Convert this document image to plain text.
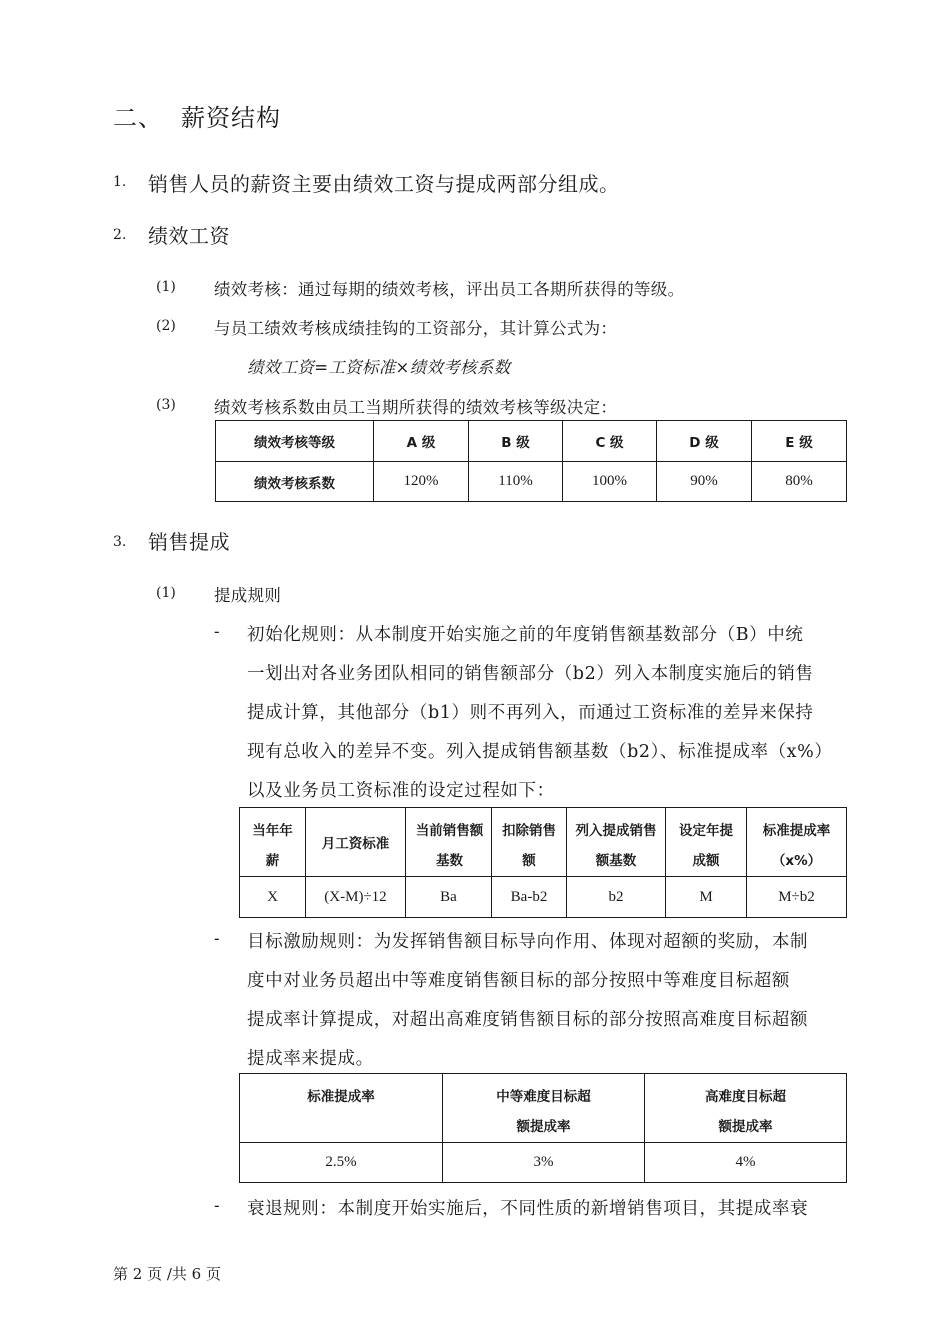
二、 薪资结构
1. 销售人员的薪资主要由绩效工资与提成两部分组成。
2. 绩效工资
(1) 绩效考核：通过每期的绩效考核，评出员工各期所获得的等级。
(2) 与员工绩效考核成绩挂钩的工资部分，其计算公式为：
绩效工资=工资标准×绩效考核系数
(3) 绩效考核系数由员工当期所获得的绩效考核等级决定：
绩效考核等级	A 级	B 级	C 级	D 级	E 级
绩效考核系数	120%	110%	100%	90%	80%
3. 销售提成
(1) 提成规则
- 初始化规则：从本制度开始实施之前的年度销售额基数部分（B）中统
一划出对各业务团队相同的销售额部分（b2）列入本制度实施后的销售
提成计算，其他部分（b1）则不再列入，而通过工资标准的差异来保持
现有总收入的差异不变。列入提成销售额基数（b2）、标准提成率（x%）
以及业务员工资标准的设定过程如下：
当年年薪	月工资标准	当前销售额基数	扣除销售额	列入提成销售额基数	设定年提成额	标准提成率（x%）
X	(X-M)÷12	Ba	Ba-b2	b2	M	M÷b2
- 目标激励规则：为发挥销售额目标导向作用、体现对超额的奖励，本制
度中对业务员超出中等难度销售额目标的部分按照中等难度目标超额
提成率计算提成，对超出高难度销售额目标的部分按照高难度目标超额
提成率来提成。
标准提成率	中等难度目标超额提成率	高难度目标超额提成率
2.5%	3%	4%
- 衰退规则：本制度开始实施后，不同性质的新增销售项目，其提成率衰
第 2 页 /共 6 页
